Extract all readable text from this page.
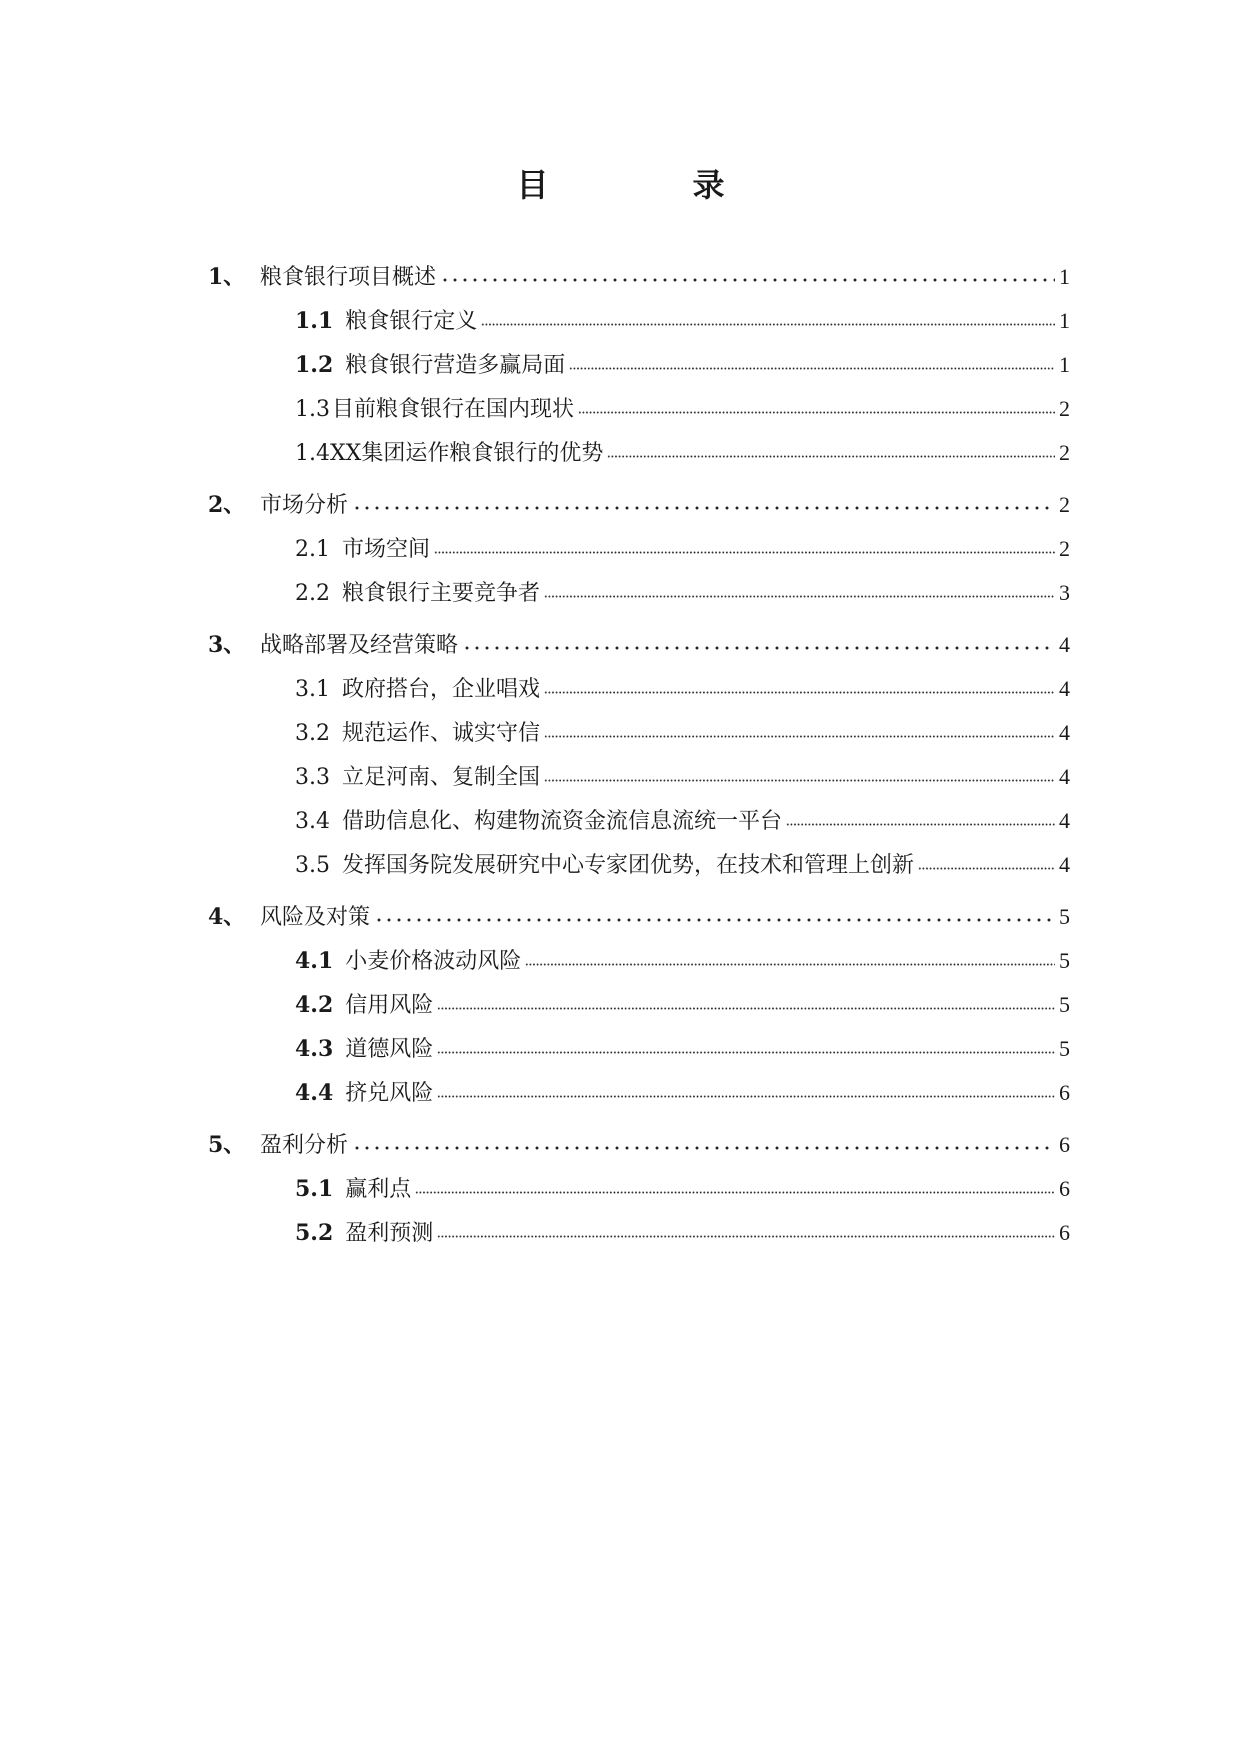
目　录
1、 粮食银行项目概述	1
1.1 粮食银行定义	1
1.2 粮食银行营造多赢局面	1
1.3 目前粮食银行在国内现状	2
1.4 XX集团运作粮食银行的优势	2
2、 市场分析	2
2.1 市场空间	2
2.2 粮食银行主要竞争者	3
3、 战略部署及经营策略	4
3.1 政府搭台，企业唱戏	4
3.2 规范运作、诚实守信	4
3.3 立足河南、复制全国	4
3.4 借助信息化、构建物流资金流信息流统一平台	4
3.5 发挥国务院发展研究中心专家团优势，在技术和管理上创新	4
4、 风险及对策	5
4.1 小麦价格波动风险	5
4.2 信用风险	5
4.3 道德风险	5
4.4 挤兑风险	6
5、 盈利分析	6
5.1 赢利点	6
5.2 盈利预测	6
